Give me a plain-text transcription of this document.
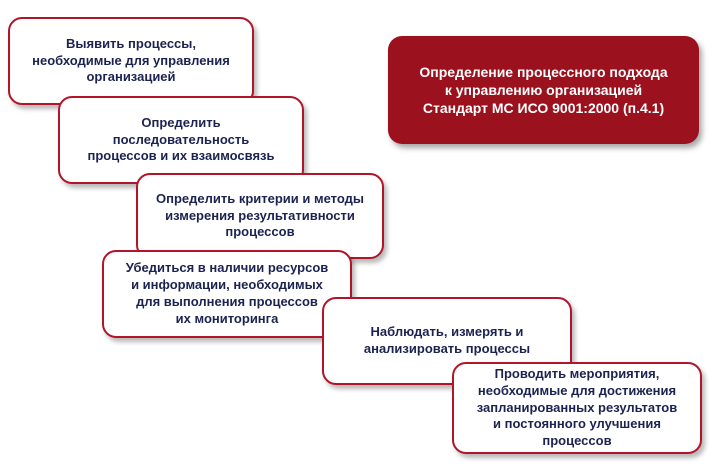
Определение процессного подхода
к управлению организацией
Стандарт МС ИСО 9001:2000 (п.4.1)
Выявить процессы,
необходимые для управления
организацией
Определить
последовательность
процессов и их взаимосвязь
Определить критерии и методы
измерения результативности
процессов
Убедиться в наличии ресурсов
и информации, необходимых
для выполнения процессов
их мониторинга
Наблюдать, измерять и
анализировать процессы
Проводить мероприятия,
необходимые для достижения
запланированных результатов
и постоянного улучшения
процессов
